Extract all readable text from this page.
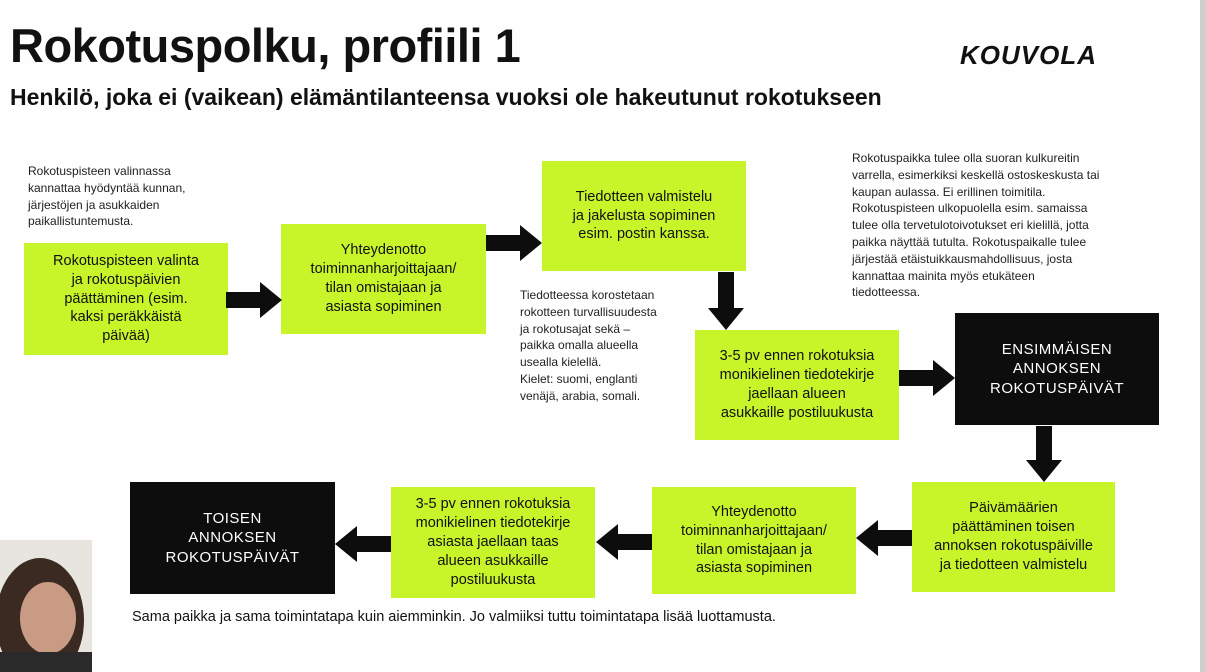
Rokotuspolku, profiili 1
Henkilö, joka ei (vaikean) elämäntilanteensa vuoksi ole hakeutunut rokotukseen
KOUVOLA

Rokotuspisteen valinnassa
kannattaa hyödyntää kunnan,
järjestöjen ja asukkaiden
paikallistuntemusta.

Rokotuspaikka tulee olla suoran kulkureitin
varrella, esimerkiksi keskellä ostoskeskusta tai
kaupan aulassa. Ei erillinen toimitila.
Rokotuspisteen ulkopuolella esim. samaissa
tulee olla tervetulotoivotukset eri kielillä, jotta
paikka näyttää tutulta. Rokotuspaikalle tulee
järjestää etäistuikkausmahdollisuus, josta
kannattaa mainita myös etukäteen
tiedotteessa.

Tiedotteessa korostetaan
rokotteen turvallisuudesta
ja rokotusajat sekä –
paikka omalla alueella
usealla kielellä.
Kielet: suomi, englanti
venäjä, arabia, somali.

Rokotuspisteen valinta
ja rokotuspäivien
päättäminen (esim.
kaksi peräkkäistä
päivää)
Yhteydenotto
toiminnanharjoittajaan/
tilan omistajaan ja
asiasta sopiminen
Tiedotteen valmistelu
ja jakelusta sopiminen
esim. postin kanssa.
3-5 pv ennen rokotuksia
monikielinen tiedotekirje
jaellaan alueen
asukkaille postiluukusta
ENSIMMÄISEN
ANNOKSEN
ROKOTUSPÄIVÄT
Päivämäärien
päättäminen toisen
annoksen rokotuspäiville
ja tiedotteen valmistelu
Yhteydenotto
toiminnanharjoittajaan/
tilan omistajaan ja
asiasta sopiminen
3-5 pv ennen rokotuksia
monikielinen tiedotekirje
asiasta jaellaan taas
alueen asukkaille
postiluukusta
TOISEN
ANNOKSEN
ROKOTUSPÄIVÄT
Sama paikka ja sama toimintatapa kuin aiemminkin. Jo valmiiksi tuttu toimintatapa lisää luottamusta.
